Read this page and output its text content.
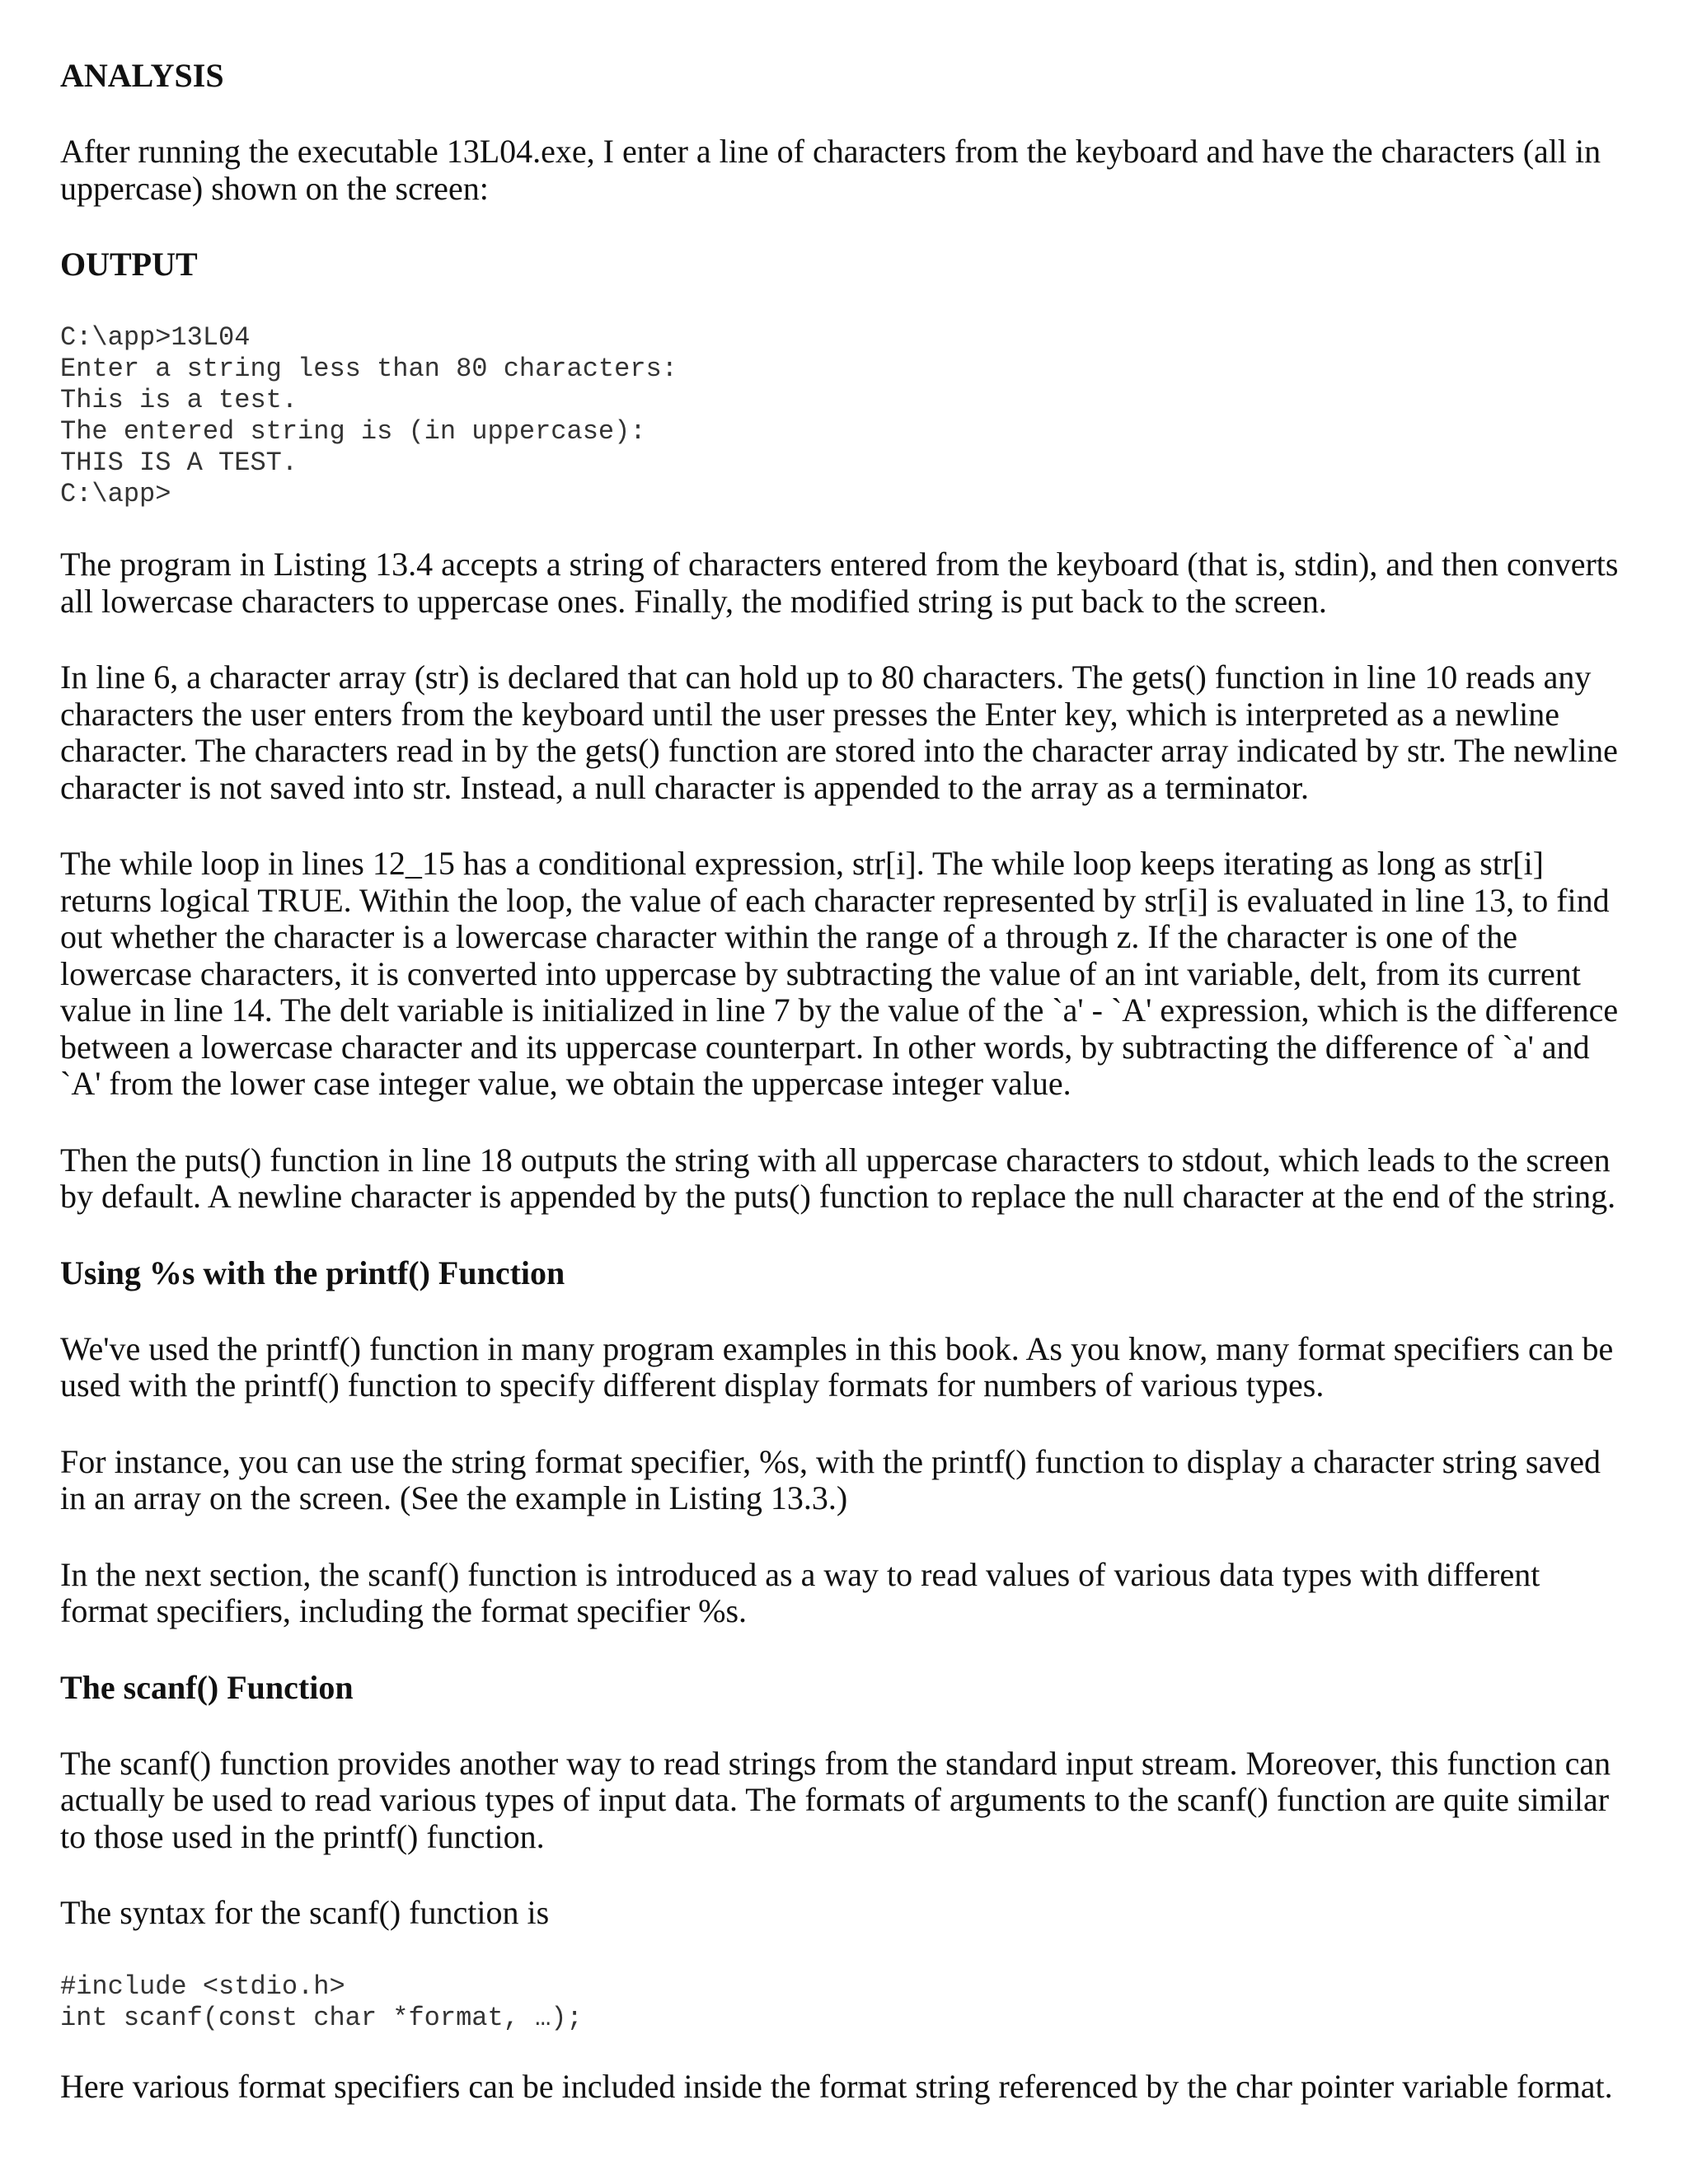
ANALYSIS

After running the executable 13L04.exe, I enter a line of characters from the keyboard and have the characters (all in uppercase) shown on the screen:

OUTPUT
C:\app>13L04
Enter a string less than 80 characters:
This is a test.
The entered string is (in uppercase):
THIS IS A TEST.
C:\app>

The program in Listing 13.4 accepts a string of characters entered from the keyboard (that is, stdin), and then converts all lowercase characters to uppercase ones. Finally, the modified string is put back to the screen.

In line 6, a character array (str) is declared that can hold up to 80 characters. The gets() function in line 10 reads any characters the user enters from the keyboard until the user presses the Enter key, which is interpreted as a newline character. The characters read in by the gets() function are stored into the character array indicated by str. The newline character is not saved into str. Instead, a null character is appended to the array as a terminator.

The while loop in lines 12_15 has a conditional expression, str[i]. The while loop keeps iterating as long as str[i] returns logical TRUE. Within the loop, the value of each character represented by str[i] is evaluated in line 13, to find out whether the character is a lowercase character within the range of a through z. If the character is one of the lowercase characters, it is converted into uppercase by subtracting the value of an int variable, delt, from its current value in line 14. The delt variable is initialized in line 7 by the value of the `a' - `A' expression, which is the difference between a lowercase character and its uppercase counterpart. In other words, by subtracting the difference of `a' and `A' from the lower case integer value, we obtain the uppercase integer value.

Then the puts() function in line 18 outputs the string with all uppercase characters to stdout, which leads to the screen by default. A newline character is appended by the puts() function to replace the null character at the end of the string.

Using %s with the printf() Function

We've used the printf() function in many program examples in this book. As you know, many format specifiers can be used with the printf() function to specify different display formats for numbers of various types.

For instance, you can use the string format specifier, %s, with the printf() function to display a character string saved in an array on the screen. (See the example in Listing 13.3.)

In the next section, the scanf() function is introduced as a way to read values of various data types with different format specifiers, including the format specifier %s.

The scanf() Function

The scanf() function provides another way to read strings from the standard input stream. Moreover, this function can actually be used to read various types of input data. The formats of arguments to the scanf() function are quite similar to those used in the printf() function.

The syntax for the scanf() function is

#include <stdio.h>
int scanf(const char *format, …);

Here various format specifiers can be included inside the format string referenced by the char pointer variable format.
